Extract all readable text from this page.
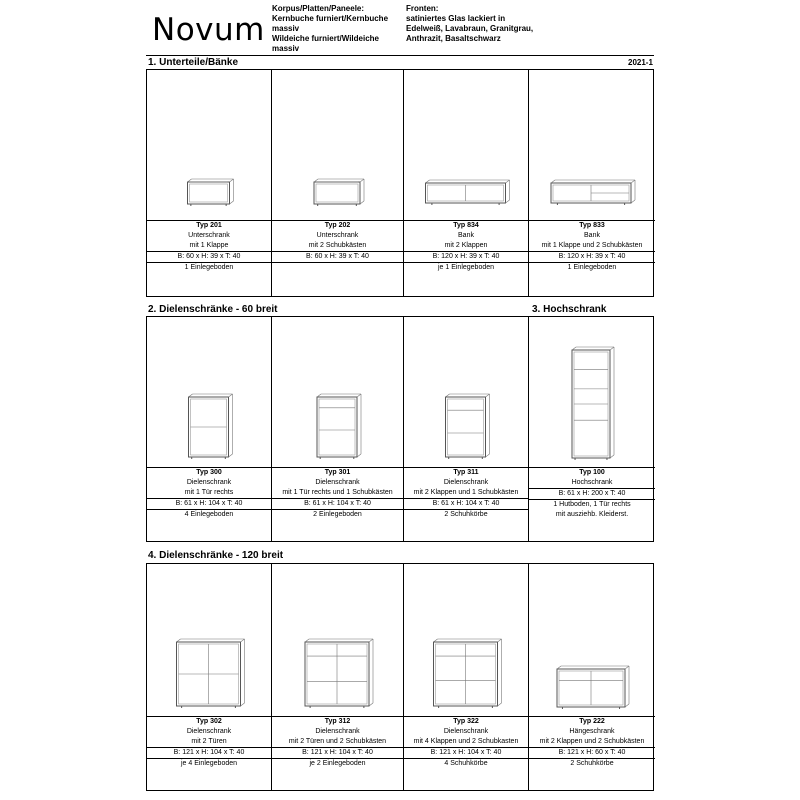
Novum
Korpus/Platten/Paneele:
Kernbuche furniert/Kernbuche
massiv
Wildeiche furniert/Wildeiche
massiv
Fronten:
satiniertes Glas lackiert in
Edelweiß, Lavabraun, Granitgrau,
Anthrazit, Basaltschwarz
2021-1
1. Unterteile/Bänke
Typ 201
Unterschrank
mit 1 Klappe
B: 60 x H: 39 x T: 40
1 Einlegeboden
Typ 202
Unterschrank
mit 2 Schubkästen
B: 60 x H: 39 x T: 40
Typ 834
Bank
mit 2 Klappen
B: 120 x H: 39 x T: 40
je 1 Einlegeboden
Typ 833
Bank
mit 1 Klappe und 2 Schubkästen
B: 120 x H: 39 x T: 40
1 Einlegeboden
2. Dielenschränke - 60 breit	3. Hochschrank
Typ 300
Dielenschrank
mit 1 Tür rechts
B: 61 x H: 104 x T: 40
4 Einlegeboden
Typ 301
Dielenschrank
mit 1 Tür rechts und 1 Schubkästen
B: 61 x H: 104 x T: 40
2 Einlegeboden
Typ 311
Dielenschrank
mit 2 Klappen und 1 Schubkästen
B: 61 x H: 104 x T: 40
2 Schuhkörbe
Typ 100
Hochschrank
B: 61 x H: 200 x T: 40
1 Hutboden, 1 Tür rechts
mit ausziehb. Kleiderst.
4. Dielenschränke - 120 breit
Typ 302
Dielenschrank
mit 2 Türen
B: 121 x H: 104 x T: 40
je 4 Einlegeboden
Typ 312
Dielenschrank
mit 2 Türen und 2 Schubkästen
B: 121 x H: 104 x T: 40
je 2 Einlegeboden
Typ 322
Dielenschrank
mit 4 Klappen und 2 Schubkasten
B: 121 x H: 104 x T: 40
4 Schuhkörbe
Typ 222
Hängeschrank
mit 2 Klappen und 2 Schubkästen
B: 121 x H: 60 x T: 40
2 Schuhkörbe
